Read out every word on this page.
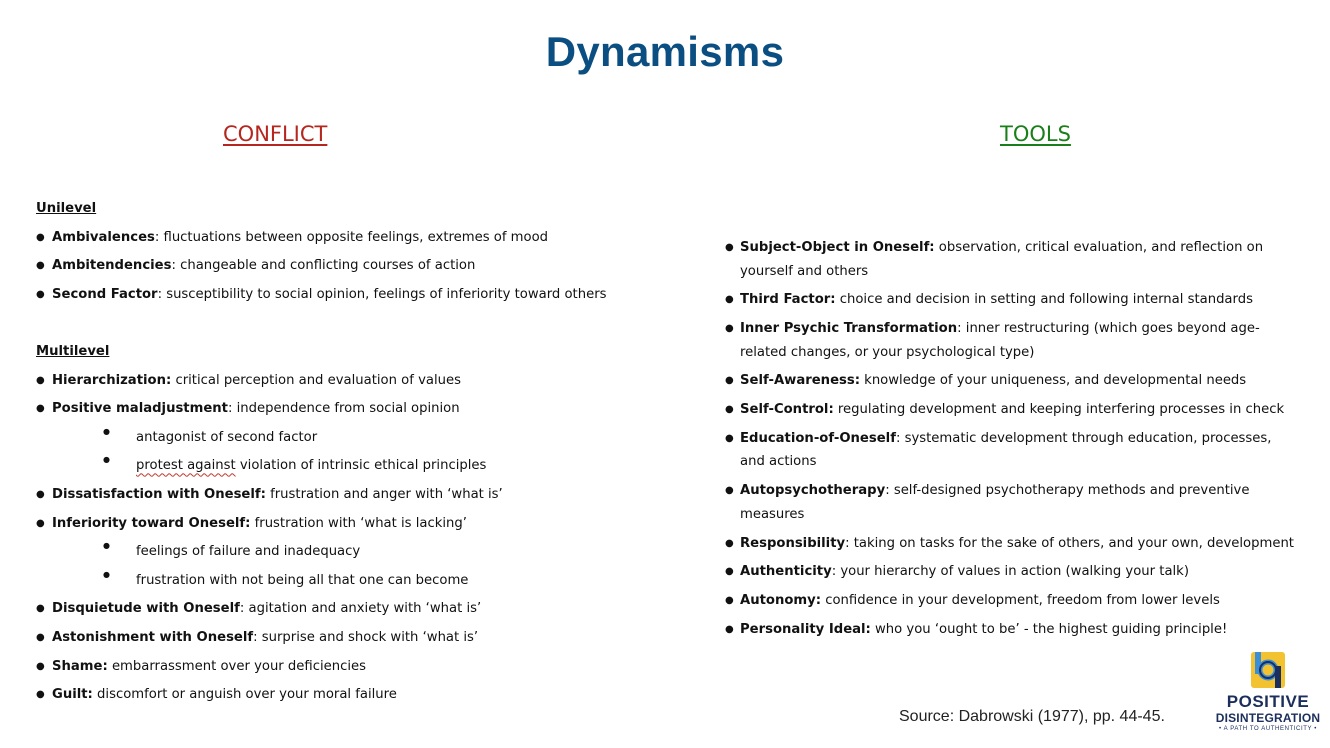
Dynamisms
CONFLICT	TOOLS
Unilevel
● Ambivalences: fluctuations between opposite feelings, extremes of mood
● Ambitendencies: changeable and conflicting courses of action
● Second Factor: susceptibility to social opinion, feelings of inferiority toward others
Multilevel
● Hierarchization: critical perception and evaluation of values
● Positive maladjustment: independence from social opinion
● antagonist of second factor
● protest against violation of intrinsic ethical principles
● Dissatisfaction with Oneself: frustration and anger with ‘what is’
● Inferiority toward Oneself: frustration with ‘what is lacking’
● feelings of failure and inadequacy
● frustration with not being all that one can become
● Disquietude with Oneself: agitation and anxiety with ‘what is’
● Astonishment with Oneself: surprise and shock with ‘what is’
● Shame: embarrassment over your deficiencies
● Guilt: discomfort or anguish over your moral failure
● Subject-Object in Oneself: observation, critical evaluation, and reflection on yourself and others
● Third Factor: choice and decision in setting and following internal standards
● Inner Psychic Transformation: inner restructuring (which goes beyond age-related changes, or your psychological type)
● Self-Awareness: knowledge of your uniqueness, and developmental needs
● Self-Control: regulating development and keeping interfering processes in check
● Education-of-Oneself: systematic development through education, processes, and actions
● Autopsychotherapy: self-designed psychotherapy methods and preventive measures
● Responsibility: taking on tasks for the sake of others, and your own, development
● Authenticity: your hierarchy of values in action (walking your talk)
● Autonomy: confidence in your development, freedom from lower levels
● Personality Ideal: who you ‘ought to be’ - the highest guiding principle!
Source: Dabrowski (1977), pp. 44-45.
POSITIVE
DISINTEGRATION
• A PATH TO AUTHENTICITY •
